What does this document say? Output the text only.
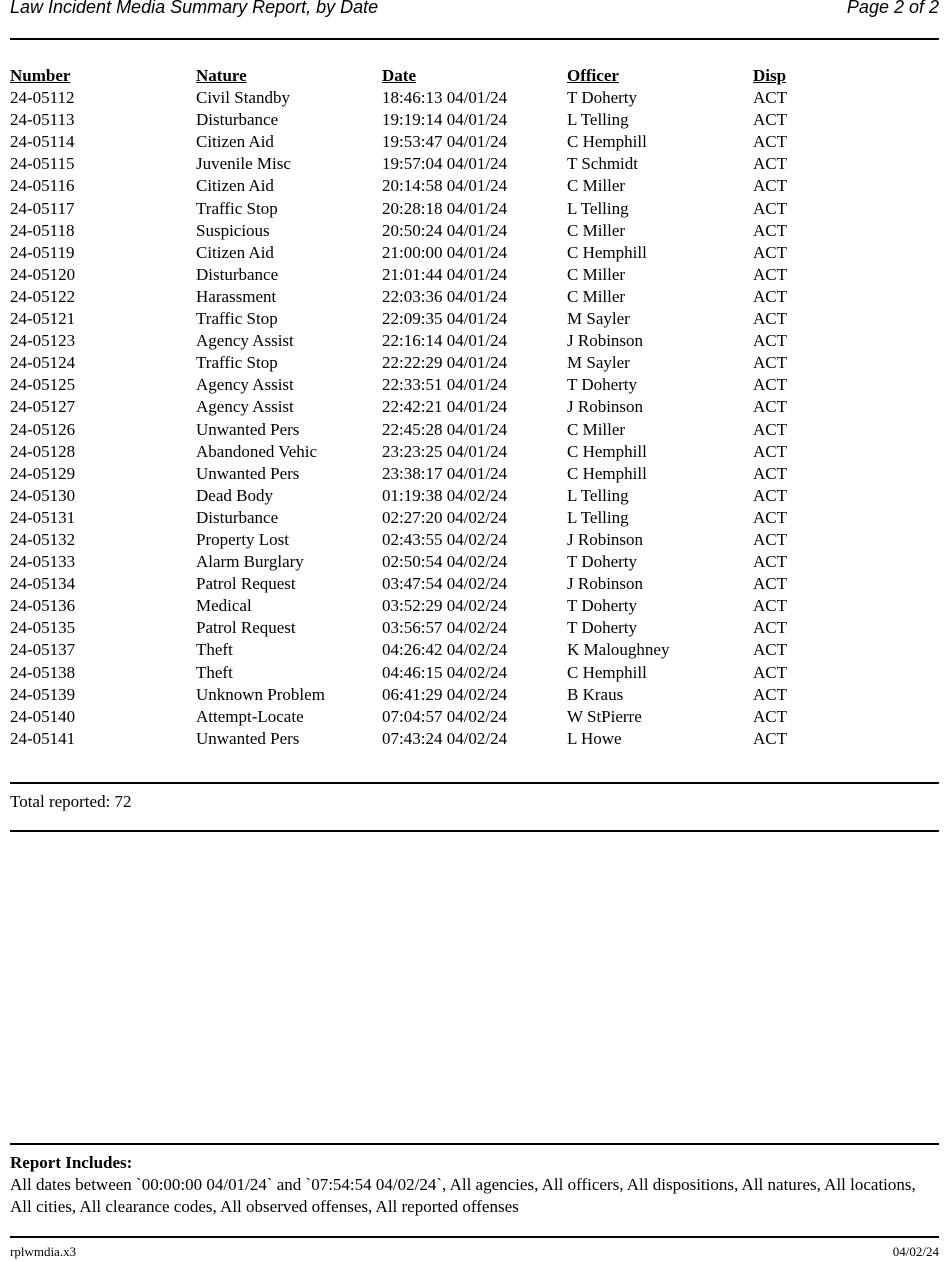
Law Incident Media Summary Report, by Date	Page 2 of 2
Number	Nature	Date	Officer	Disp
24-05112	Civil Standby	18:46:13 04/01/24	T Doherty	ACT
24-05113	Disturbance	19:19:14 04/01/24	L Telling	ACT
24-05114	Citizen Aid	19:53:47 04/01/24	C Hemphill	ACT
24-05115	Juvenile Misc	19:57:04 04/01/24	T Schmidt	ACT
24-05116	Citizen Aid	20:14:58 04/01/24	C Miller	ACT
24-05117	Traffic Stop	20:28:18 04/01/24	L Telling	ACT
24-05118	Suspicious	20:50:24 04/01/24	C Miller	ACT
24-05119	Citizen Aid	21:00:00 04/01/24	C Hemphill	ACT
24-05120	Disturbance	21:01:44 04/01/24	C Miller	ACT
24-05122	Harassment	22:03:36 04/01/24	C Miller	ACT
24-05121	Traffic Stop	22:09:35 04/01/24	M Sayler	ACT
24-05123	Agency Assist	22:16:14 04/01/24	J Robinson	ACT
24-05124	Traffic Stop	22:22:29 04/01/24	M Sayler	ACT
24-05125	Agency Assist	22:33:51 04/01/24	T Doherty	ACT
24-05127	Agency Assist	22:42:21 04/01/24	J Robinson	ACT
24-05126	Unwanted Pers	22:45:28 04/01/24	C Miller	ACT
24-05128	Abandoned Vehic	23:23:25 04/01/24	C Hemphill	ACT
24-05129	Unwanted Pers	23:38:17 04/01/24	C Hemphill	ACT
24-05130	Dead Body	01:19:38 04/02/24	L Telling	ACT
24-05131	Disturbance	02:27:20 04/02/24	L Telling	ACT
24-05132	Property Lost	02:43:55 04/02/24	J Robinson	ACT
24-05133	Alarm Burglary	02:50:54 04/02/24	T Doherty	ACT
24-05134	Patrol Request	03:47:54 04/02/24	J Robinson	ACT
24-05136	Medical	03:52:29 04/02/24	T Doherty	ACT
24-05135	Patrol Request	03:56:57 04/02/24	T Doherty	ACT
24-05137	Theft	04:26:42 04/02/24	K Maloughney	ACT
24-05138	Theft	04:46:15 04/02/24	C Hemphill	ACT
24-05139	Unknown Problem	06:41:29 04/02/24	B Kraus	ACT
24-05140	Attempt-Locate	07:04:57 04/02/24	W StPierre	ACT
24-05141	Unwanted Pers	07:43:24 04/02/24	L Howe	ACT
Total reported: 72
Report Includes:
All dates between `00:00:00 04/01/24` and `07:54:54 04/02/24`, All agencies, All officers, All dispositions, All natures, All locations, All cities, All clearance codes, All observed offenses, All reported offenses
rplwmdia.x3	04/02/24
